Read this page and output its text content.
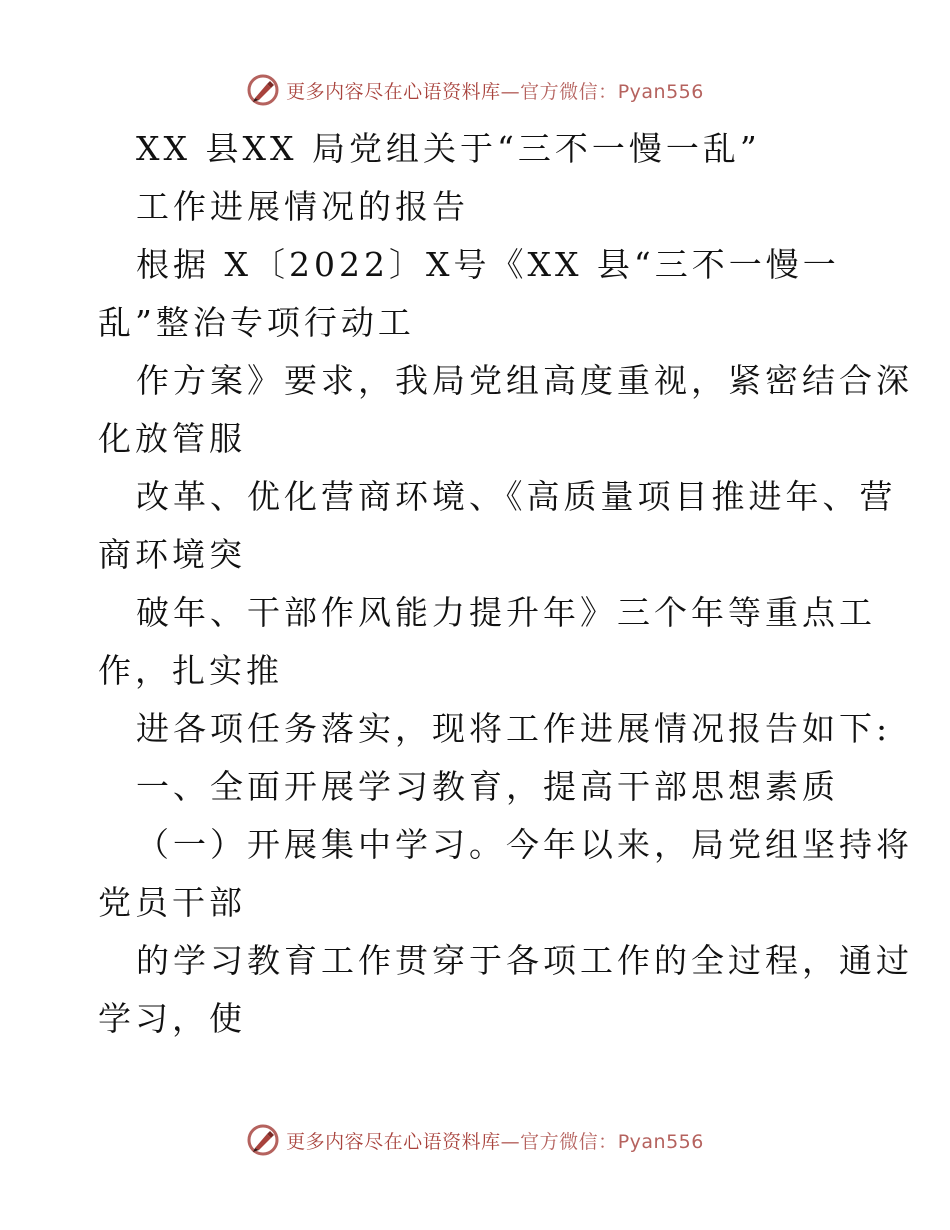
更多内容尽在心语资料库—官方微信：Pyan556
XX 县XX 局党组关于“三不一慢一乱”
工作进展情况的报告
根据 X〔2022〕X号《XX 县“三不一慢一
乱”整治专项行动工
作方案》要求，我局党组高度重视，紧密结合深
化放管服
改革、优化营商环境、《高质量项目推进年、营
商环境突
破年、干部作风能力提升年》三个年等重点工
作，扎实推
进各项任务落实，现将工作进展情况报告如下:
一、全面开展学习教育，提高干部思想素质
（一）开展集中学习。今年以来，局党组坚持将
党员干部
的学习教育工作贯穿于各项工作的全过程，通过
学习，使
更多内容尽在心语资料库—官方微信：Pyan556
